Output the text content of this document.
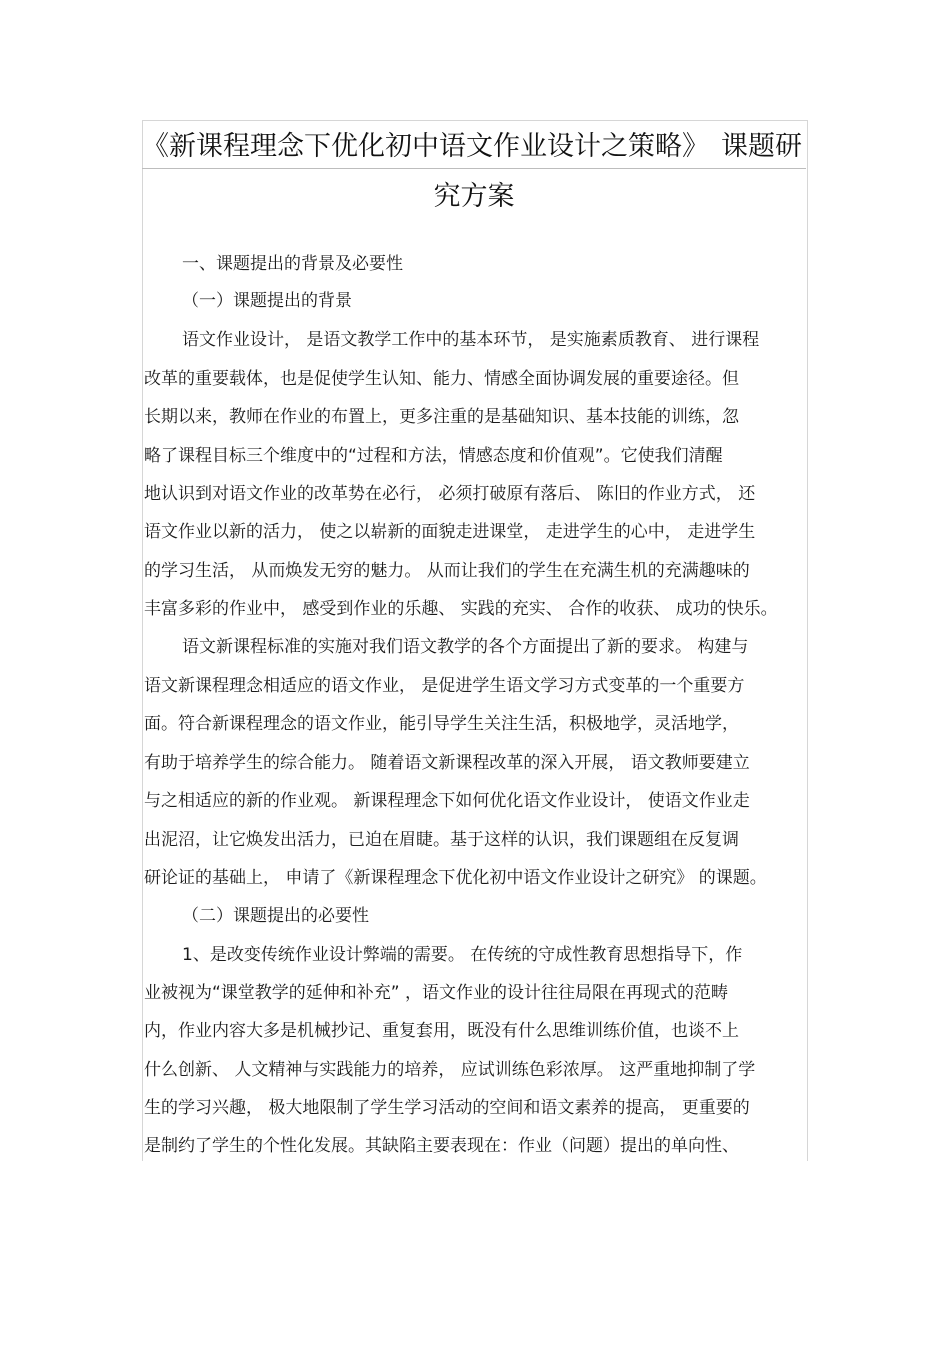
《新课程理念下优化初中语文作业设计之策略》 课题研
究方案
一、课题提出的背景及必要性
（一）课题提出的背景
语文作业设计， 是语文教学工作中的基本环节， 是实施素质教育、 进行课程
改革的重要载体，也是促使学生认知、能力、情感全面协调发展的重要途径。但
长期以来，教师在作业的布置上，更多注重的是基础知识、基本技能的训练，忽
略了课程目标三个维度中的“过程和方法，情感态度和价值观”。它使我们清醒
地认识到对语文作业的改革势在必行， 必须打破原有落后、 陈旧的作业方式， 还
语文作业以新的活力， 使之以崭新的面貌走进课堂， 走进学生的心中， 走进学生
的学习生活， 从而焕发无穷的魅力。 从而让我们的学生在充满生机的充满趣味的
丰富多彩的作业中， 感受到作业的乐趣、 实践的充实、 合作的收获、 成功的快乐。
语文新课程标准的实施对我们语文教学的各个方面提出了新的要求。 构建与
语文新课程理念相适应的语文作业， 是促进学生语文学习方式变革的一个重要方
面。符合新课程理念的语文作业，能引导学生关注生活，积极地学，灵活地学，
有助于培养学生的综合能力。 随着语文新课程改革的深入开展， 语文教师要建立
与之相适应的新的作业观。 新课程理念下如何优化语文作业设计， 使语文作业走
出泥沼，让它焕发出活力，已迫在眉睫。基于这样的认识，我们课题组在反复调
研论证的基础上， 申请了《新课程理念下优化初中语文作业设计之研究》 的课题。
（二）课题提出的必要性
1、是改变传统作业设计弊端的需要。 在传统的守成性教育思想指导下，作
业被视为“课堂教学的延伸和补充” ，语文作业的设计往往局限在再现式的范畴
内，作业内容大多是机械抄记、重复套用，既没有什么思维训练价值，也谈不上
什么创新、 人文精神与实践能力的培养， 应试训练色彩浓厚。 这严重地抑制了学
生的学习兴趣， 极大地限制了学生学习活动的空间和语文素养的提高， 更重要的
是制约了学生的个性化发展。其缺陷主要表现在：作业（问题）提出的单向性、
